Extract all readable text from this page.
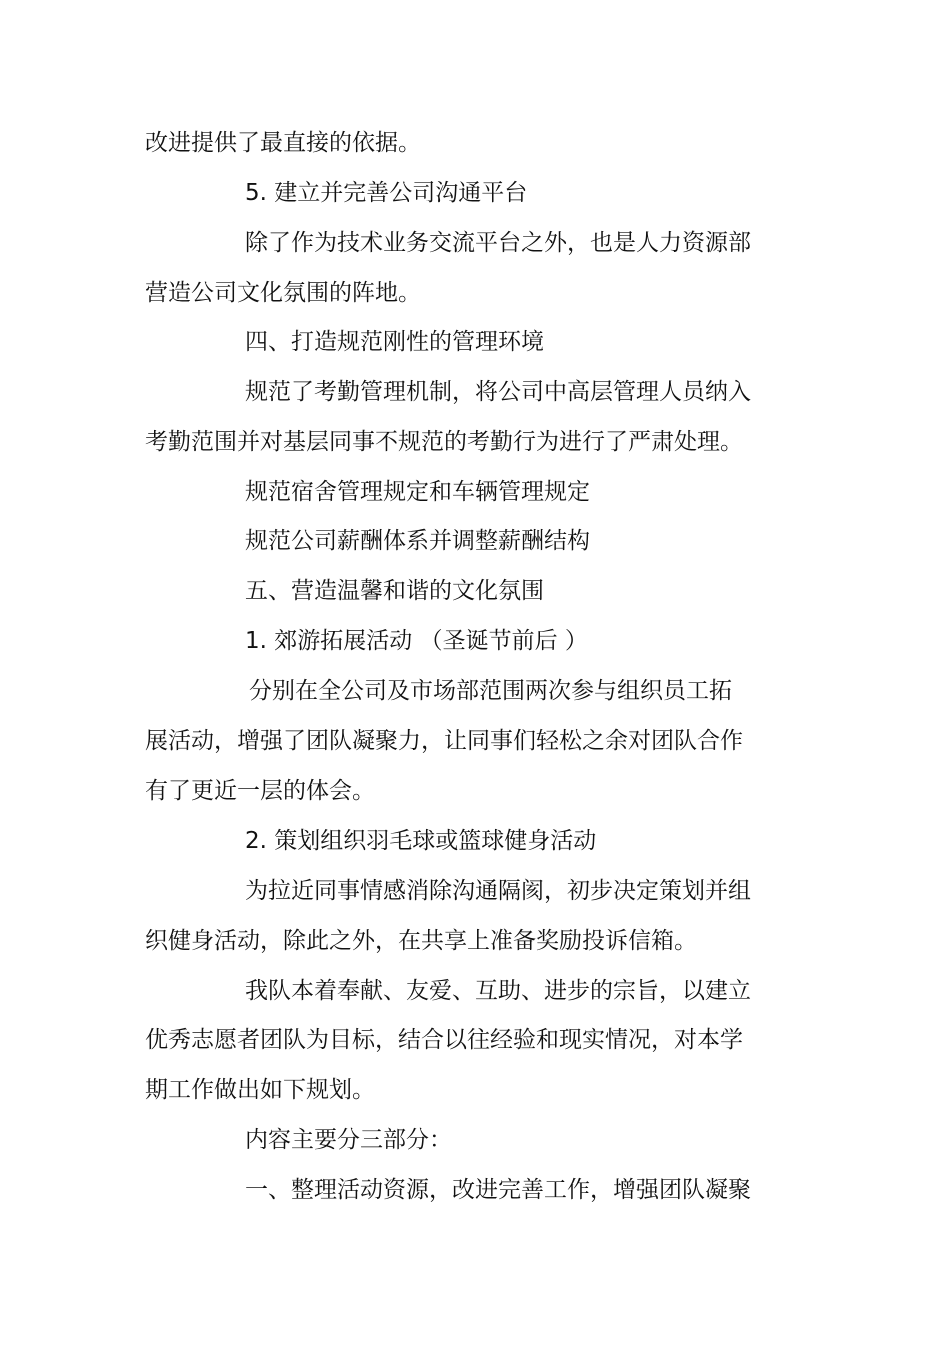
改进提供了最直接的依据。
5. 建立并完善公司沟通平台
除了作为技术业务交流平台之外，也是人力资源部
营造公司文化氛围的阵地。
四、打造规范刚性的管理环境
规范了考勤管理机制，将公司中高层管理人员纳入
考勤范围并对基层同事不规范的考勤行为进行了严肃处理。
规范宿舍管理规定和车辆管理规定
规范公司薪酬体系并调整薪酬结构
五、营造温馨和谐的文化氛围
1. 郊游拓展活动 （圣诞节前后 ）
分别在全公司及市场部范围两次参与组织员工拓
展活动，增强了团队凝聚力，让同事们轻松之余对团队合作
有了更近一层的体会。
2. 策划组织羽毛球或篮球健身活动
为拉近同事情感消除沟通隔阂，初步决定策划并组
织健身活动，除此之外，在共享上准备奖励投诉信箱。
我队本着奉献、友爱、互助、进步的宗旨，以建立
优秀志愿者团队为目标，结合以往经验和现实情况，对本学
期工作做出如下规划。
内容主要分三部分：
一、整理活动资源，改进完善工作，增强团队凝聚
